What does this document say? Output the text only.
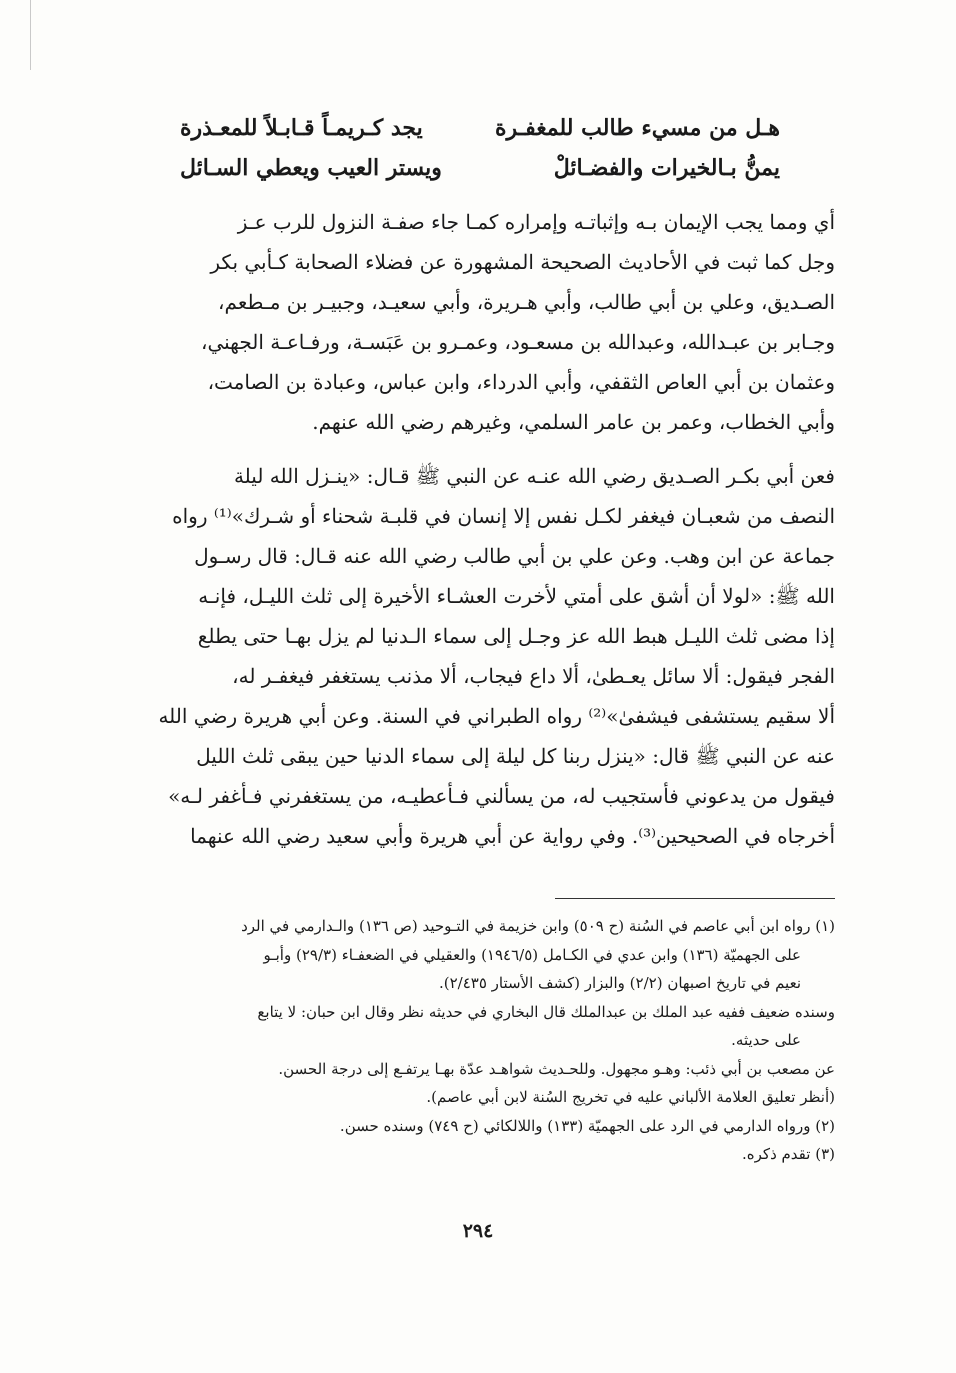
هـل من مسيء طالب للمغفـرة
يجد كـريمـاً قـابـلاً للمعـذرة
يمنُّ بـالخيرات والفضـائلْ
ويستر العيب ويعطي السـائل
أي ومما يجب الإيمان بـه وإثباتـه وإمراره كمـا جاء صفـة النزول للرب عـز
وجل كما ثبت في الأحاديث الصحيحة المشهورة عن فضلاء الصحابة كـأبي بكر
الصـديق، وعلي بن أبي طالب، وأبي هـريرة، وأبي سعيـد، وجبيـر بن مـطعم،
وجـابر بن عبـدالله، وعبدالله بن مسعـود، وعمـرو بن عَبَسـة، ورفـاعـة الجهني،
وعثمان بن أبي العاص الثقفي، وأبي الدرداء، وابن عباس، وعبادة بن الصامت،
وأبي الخطاب، وعمر بن عامر السلمي، وغيرهم رضي الله عنهم.
فعن أبي بكـر الصـديق رضي الله عنـه عن النبي ﷺ قـال: «ينـزل الله ليلة
النصف من شعبـان فيغفر لكـل نفس إلا إنسان في قلبـة شحناء أو شـرك»⁽¹⁾ رواه
جماعة عن ابن وهب. وعن علي بن أبي طالب رضي الله عنه قـال: قال رسـول
الله ﷺ: «لولا أن أشق على أمتي لأخرت العشـاء الأخيرة إلى ثلث الليـل، فإنـه
إذا مضى ثلث الليـل هبط الله عز وجـل إلى سماء الـدنيا لم يزل بهـا حتى يطلع
الفجر فيقول: ألا سائل يعـطىٰ، ألا داع فيجاب، ألا مذنب يستغفر فيغفـر له،
ألا سقيم يستشفى فيشفىٰ»⁽²⁾ رواه الطبراني في السنة. وعن أبي هريرة رضي الله
عنه عن النبي ﷺ قال: «ينزل ربنا كل ليلة إلى سماء الدنيا حين يبقى ثلث الليل
فيقول من يدعوني فأستجيب له، من يسألني فـأعطيـه، من يستغفرني فـأغفر لـه»
أخرجاه في الصحيحين⁽³⁾. وفي رواية عن أبي هريرة وأبي سعيد رضي الله عنهما
(١) رواه ابن أبي عاصم في السُنة (ح ٥٠٩) وابن خزيمة في التـوحيد (ص ١٣٦) والـدارمي في الرد
على الجهميّة (١٣٦) وابن عدي في الكـامل (١٩٤٦/٥) والعقيلي في الضعفـاء (٢٩/٣) وأبـو
نعيم في تاريخ اصبهان (٢/٢) والبزار (كشف الأستار ٢/٤٣٥).
وسنده ضعيف ففيه عبد الملك بن عبدالملك قال البخاري في حديثه نظر وقال ابن حبان: لا يتابع
على حديثه.
عن مصعب بن أبي ذئب: وهـو مجهول. وللحـديث شواهـد عدّة بهـا يرتفـع إلى درجة الحسن.
(أنظر تعليق العلامة الألباني عليه في تخريج السُنة لابن أبي عاصم).
(٢) ورواه الدارمي في الرد على الجهميّة (١٣٣) واللالكائي (ح ٧٤٩) وسنده حسن.
(٣) تقدم ذكره.
٢٩٤
